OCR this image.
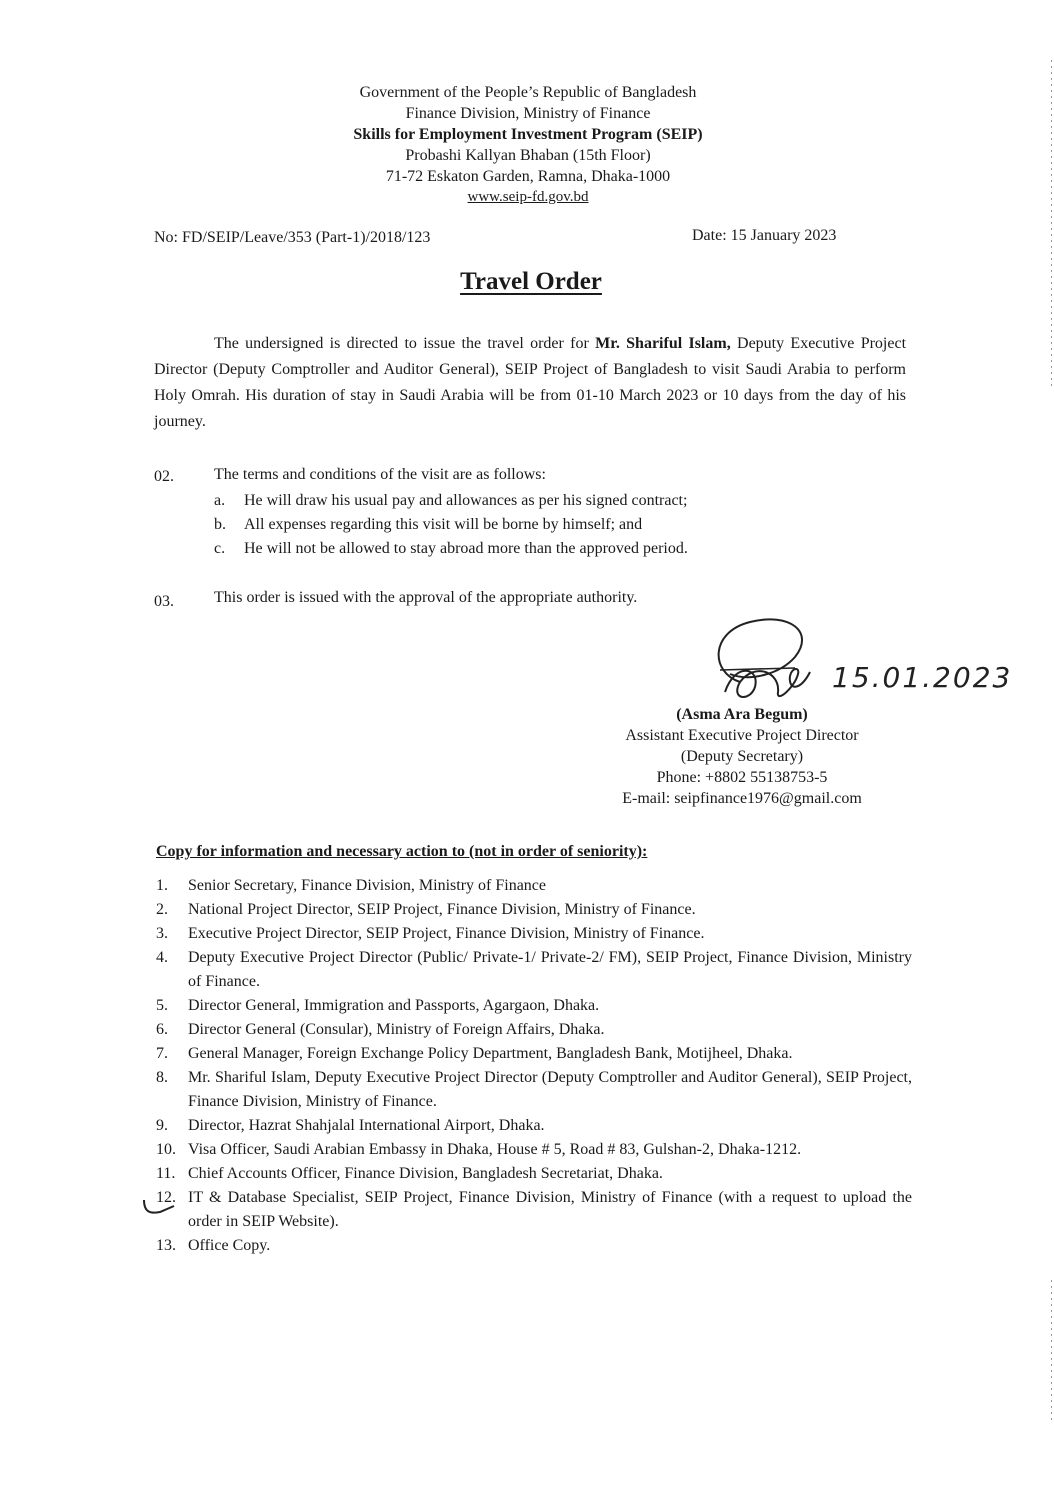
Government of the People’s Republic of Bangladesh
Finance Division, Ministry of Finance
Skills for Employment Investment Program (SEIP)
Probashi Kallyan Bhaban (15th Floor)
71-72 Eskaton Garden, Ramna, Dhaka-1000
www.seip-fd.gov.bd
No: FD/SEIP/Leave/353 (Part-1)/2018/123	Date: 15 January 2023
Travel Order

The undersigned is directed to issue the travel order for Mr. Shariful Islam, Deputy Executive Project Director (Deputy Comptroller and Auditor General), SEIP Project of Bangladesh to visit Saudi Arabia to perform Holy Omrah. His duration of stay in Saudi Arabia will be from 01-10 March 2023 or 10 days from the day of his journey.

02.	The terms and conditions of the visit are as follows:
a. He will draw his usual pay and allowances as per his signed contract;
b. All expenses regarding this visit will be borne by himself; and
c. He will not be allowed to stay abroad more than the approved period.
03.	This order is issued with the approval of the appropriate authority.
15.01.2023
(Asma Ara Begum)
Assistant Executive Project Director
(Deputy Secretary)
Phone: +8802 55138753-5
E-mail: seipfinance1976@gmail.com
Copy for information and necessary action to (not in order of seniority):
1.	Senior Secretary, Finance Division, Ministry of Finance
2.	National Project Director, SEIP Project, Finance Division, Ministry of Finance.
3.	Executive Project Director, SEIP Project, Finance Division, Ministry of Finance.
4.	Deputy Executive Project Director (Public/ Private-1/ Private-2/ FM), SEIP Project, Finance Division, Ministry of Finance.
5.	Director General, Immigration and Passports, Agargaon, Dhaka.
6.	Director General (Consular), Ministry of Foreign Affairs, Dhaka.
7.	General Manager, Foreign Exchange Policy Department, Bangladesh Bank, Motijheel, Dhaka.
8.	Mr. Shariful Islam, Deputy Executive Project Director (Deputy Comptroller and Auditor General), SEIP Project, Finance Division, Ministry of Finance.
9.	Director, Hazrat Shahjalal International Airport, Dhaka.
10. Visa Officer, Saudi Arabian Embassy in Dhaka, House # 5, Road # 83, Gulshan-2, Dhaka-1212.
11. Chief Accounts Officer, Finance Division, Bangladesh Secretariat, Dhaka.
12. IT & Database Specialist, SEIP Project, Finance Division, Ministry of Finance (with a request to upload the order in SEIP Website).
13. Office Copy.
